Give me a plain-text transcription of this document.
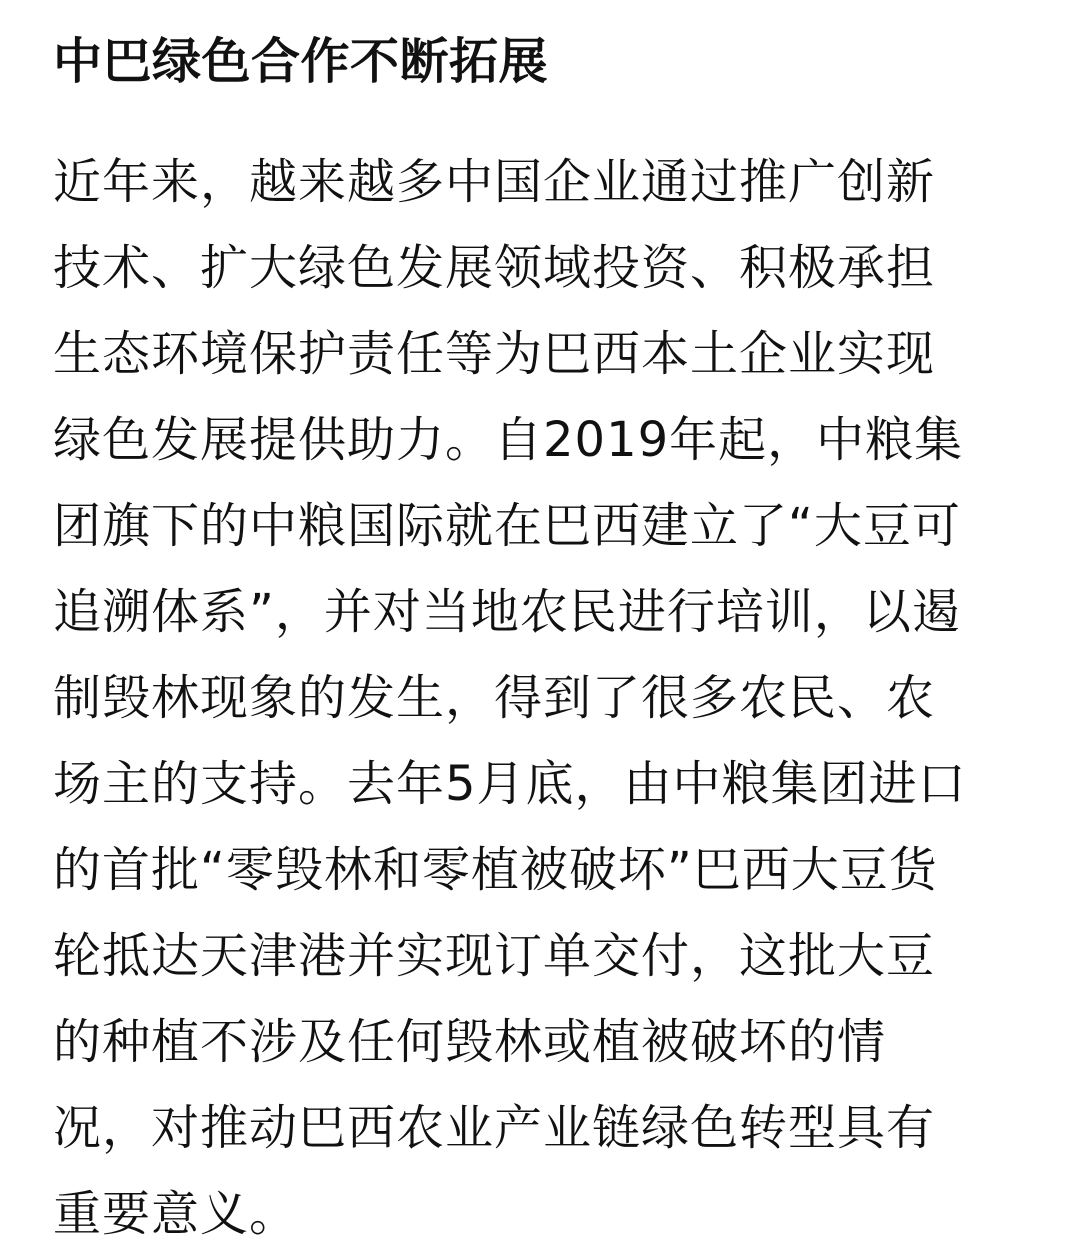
中巴绿色合作不断拓展
近年来，越来越多中国企业通过推广创新
技术、扩大绿色发展领域投资、积极承担
生态环境保护责任等为巴西本土企业实现
绿色发展提供助力。自2019年起，中粮集
团旗下的中粮国际就在巴西建立了“大豆可
追溯体系”，并对当地农民进行培训，以遏
制毁林现象的发生，得到了很多农民、农
场主的支持。去年5月底，由中粮集团进口
的首批“零毁林和零植被破坏”巴西大豆货
轮抵达天津港并实现订单交付，这批大豆
的种植不涉及任何毁林或植被破坏的情
况，对推动巴西农业产业链绿色转型具有
重要意义。
